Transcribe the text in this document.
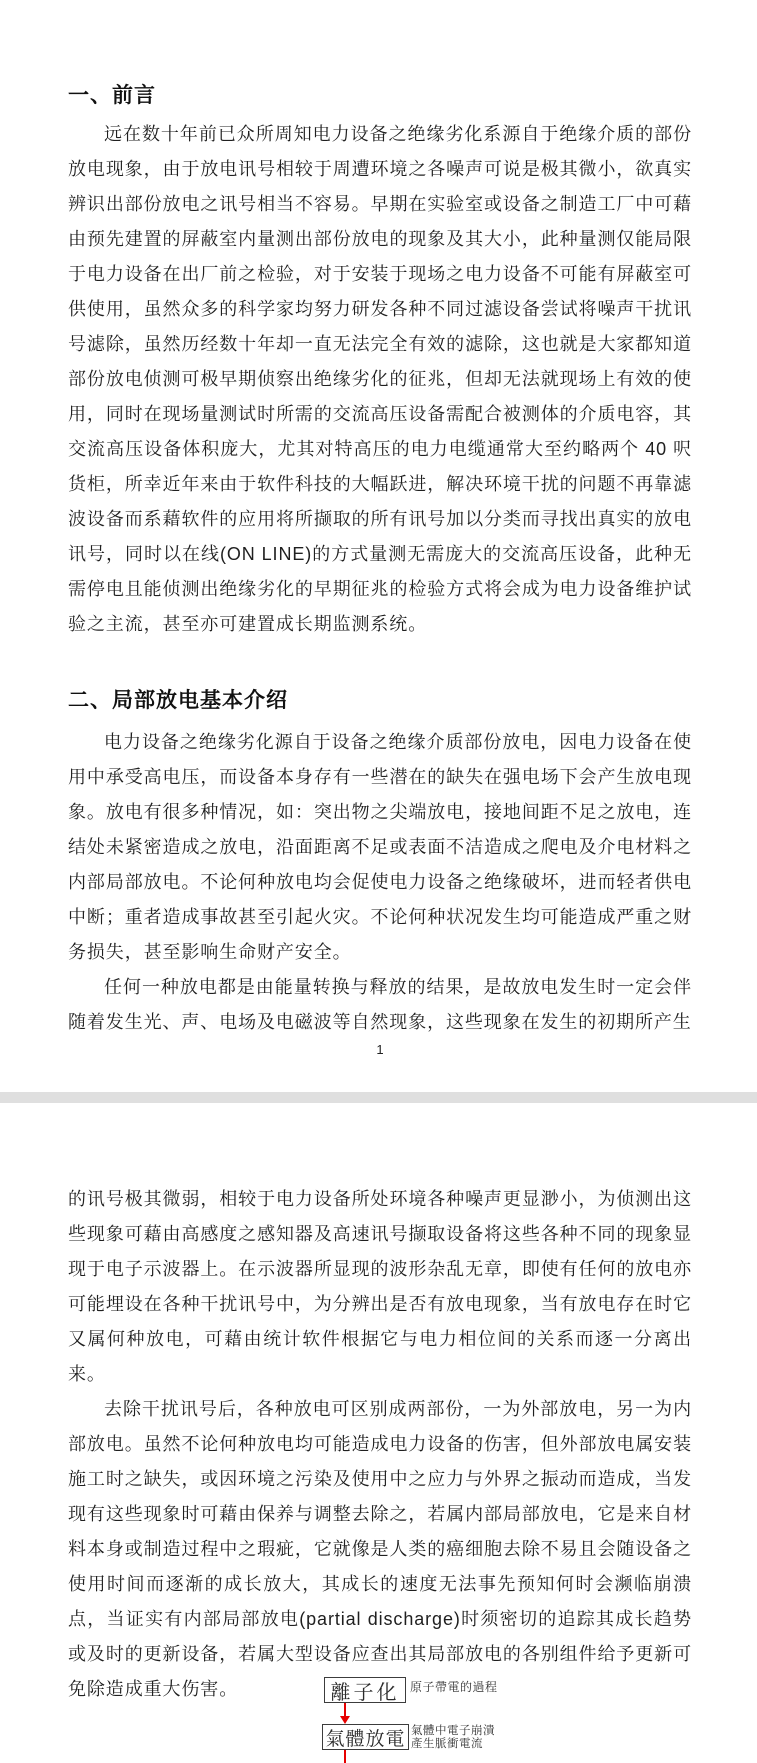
一、前言

远在数十年前已众所周知电力设备之绝缘劣化系源自于绝缘介质的部份放电现象，由于放电讯号相较于周遭环境之各噪声可说是极其微小，欲真实辨识出部份放电之讯号相当不容易。早期在实验室或设备之制造工厂中可藉由预先建置的屏蔽室内量测出部份放电的现象及其大小，此种量测仅能局限于电力设备在出厂前之检验，对于安装于现场之电力设备不可能有屏蔽室可供使用，虽然众多的科学家均努力研发各种不同过滤设备尝试将噪声干扰讯号滤除，虽然历经数十年却一直无法完全有效的滤除，这也就是大家都知道部份放电侦测可极早期侦察出绝缘劣化的征兆，但却无法就现场上有效的使用，同时在现场量测试时所需的交流高压设备需配合被测体的介质电容，其交流高压设备体积庞大，尤其对特高压的电力电缆通常大至约略两个 40 呎货柜，所幸近年来由于软件科技的大幅跃进，解决环境干扰的问题不再靠滤波设备而系藉软件的应用将所撷取的所有讯号加以分类而寻找出真实的放电讯号，同时以在线(ON LINE)的方式量测无需庞大的交流高压设备，此种无需停电且能侦测出绝缘劣化的早期征兆的检验方式将会成为电力设备维护试验之主流，甚至亦可建置成长期监测系统。

二、局部放电基本介绍

电力设备之绝缘劣化源自于设备之绝缘介质部份放电，因电力设备在使用中承受高电压，而设备本身存有一些潜在的缺失在强电场下会产生放电现象。放电有很多种情况，如：突出物之尖端放电，接地间距不足之放电，连结处未紧密造成之放电，沿面距离不足或表面不洁造成之爬电及介电材料之内部局部放电。不论何种放电均会促使电力设备之绝缘破坏，进而轻者供电中断；重者造成事故甚至引起火灾。不论何种状况发生均可能造成严重之财务损失，甚至影响生命财产安全。

任何一种放电都是由能量转换与释放的结果，是故放电发生时一定会伴随着发生光、声、电场及电磁波等自然现象，这些现象在发生的初期所产生

1

的讯号极其微弱，相较于电力设备所处环境各种噪声更显渺小，为侦测出这些现象可藉由高感度之感知器及高速讯号撷取设备将这些各种不同的现象显现于电子示波器上。在示波器所显现的波形杂乱无章，即使有任何的放电亦可能埋设在各种干扰讯号中，为分辨出是否有放电现象，当有放电存在时它又属何种放电，可藉由统计软件根据它与电力相位间的关系而逐一分离出来。

去除干扰讯号后，各种放电可区别成两部份，一为外部放电，另一为内部放电。虽然不论何种放电均可能造成电力设备的伤害，但外部放电属安装施工时之缺失，或因环境之污染及使用中之应力与外界之振动而造成，当发现有这些现象时可藉由保养与调整去除之，若属内部局部放电，它是来自材料本身或制造过程中之瑕疵，它就像是人类的癌细胞去除不易且会随设备之使用时间而逐渐的成长放大，其成长的速度无法事先预知何时会濒临崩溃点，当证实有内部局部放电(partial discharge)时须密切的追踪其成长趋势或及时的更新设备，若属大型设备应查出其局部放电的各别组件给予更新可免除造成重大伤害。	離子化 原子帶電的過程
氣體放電 氣體中電子崩潰
產生脈衝電流
